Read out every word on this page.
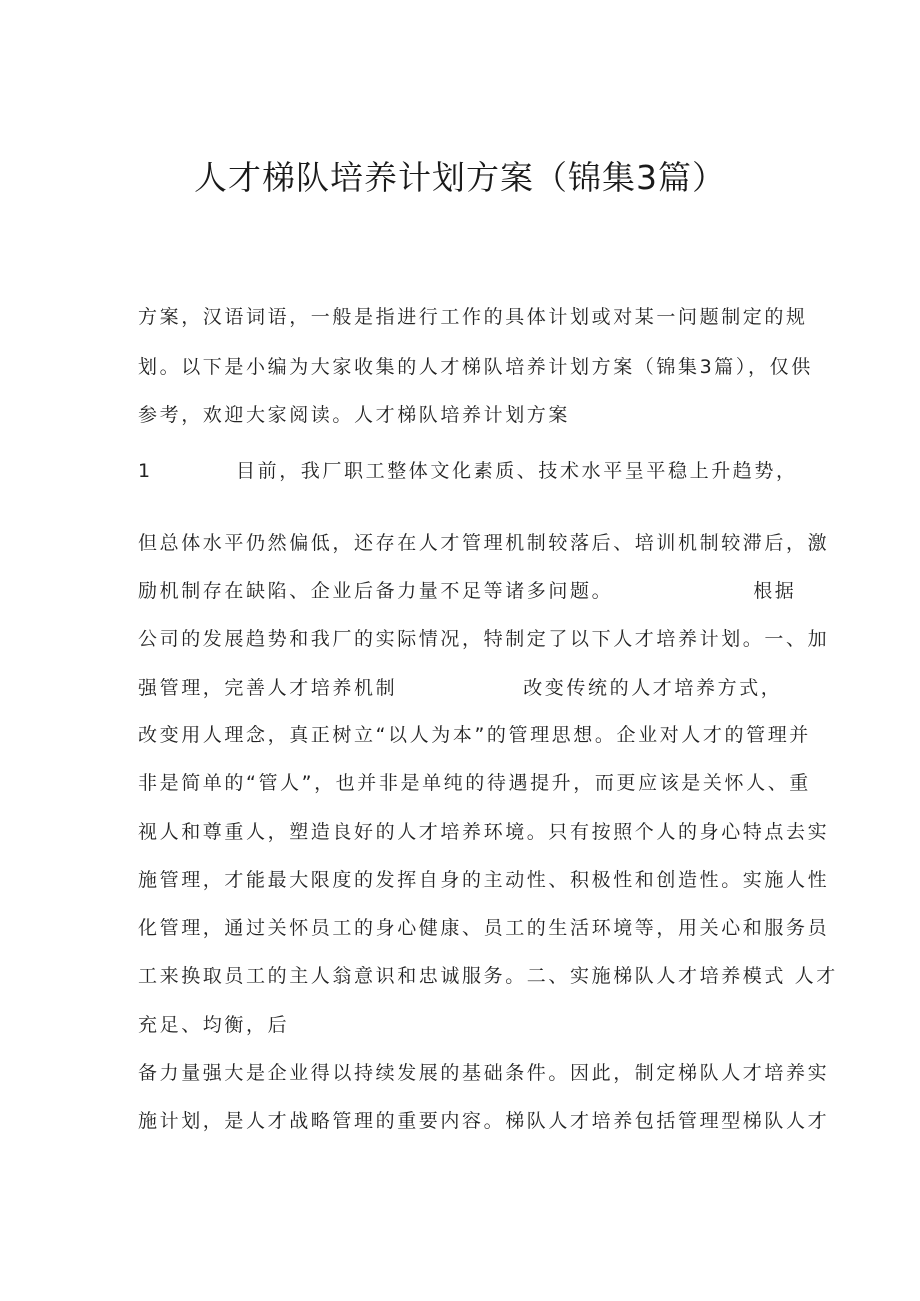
人才梯队培养计划方案（锦集3篇）
方案，汉语词语，一般是指进行工作的具体计划或对某一问题制定的规
划。以下是小编为大家收集的人才梯队培养计划方案（锦集3篇），仅供
参考，欢迎大家阅读。人才梯队培养计划方案
1	目前，我厂职工整体文化素质、技术水平呈平稳上升趋势，
但总体水平仍然偏低，还存在人才管理机制较落后、培训机制较滞后，激
励机制存在缺陷、企业后备力量不足等诸多问题。	根据
公司的发展趋势和我厂的实际情况，特制定了以下人才培养计划。一、加
强管理，完善人才培养机制	改变传统的人才培养方式，
改变用人理念，真正树立“以人为本”的管理思想。企业对人才的管理并
非是简单的“管人”，也并非是单纯的待遇提升，而更应该是关怀人、重
视人和尊重人，塑造良好的人才培养环境。只有按照个人的身心特点去实
施管理，才能最大限度的发挥自身的主动性、积极性和创造性。实施人性
化管理，通过关怀员工的身心健康、员工的生活环境等，用关心和服务员
工来换取员工的主人翁意识和忠诚服务。二、实施梯队人才培养模式 人才
充足、均衡，后
备力量强大是企业得以持续发展的基础条件。因此，制定梯队人才培养实
施计划，是人才战略管理的重要内容。梯队人才培养包括管理型梯队人才
